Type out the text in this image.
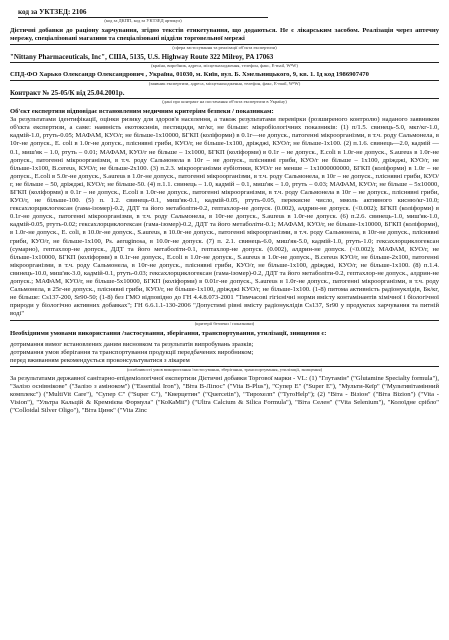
код за УКТЗЕД: 2106
(код за ДКПП, код за УКТЗЕД артикул)
Дієтичні добавки до раціону харчування, згідно текстів етикетування, що додаються. Не є лікарським засобом. Реалізація через аптечну мережу, спеціалізовані магазини та спеціалізовані відділи торговельної мережі
(сфера застосування та реалізації об'єкта експертизи)
"Nittany Pharmaceuticals, Inc", США, 5135, U.S. Highway Route 322 Milroy, PA 17063
(країна, виробник, адреса, місцезнаходження, телефон, факс, E-mail, W³W)
СПД-ФО Харько Олександр Олександрович , Україна, 01030, м. Київ, вул. Б. Хмельницького, 9, кв. 1. Ід код 1986907470
(заявник експертизи, адреса, місцезнаходження, телефон, факс, E-mail, W³W)
Контракт № 25-05/К від 25.04.2001р.
(дані про контракт на постачання об'єкта експертизи в Україну)
Об'єкт експертизи відповідає встановленим медичним критеріям безпеки / показникам:
За результатами ідентифікації, оцінки ризику для здоров'я населення, а також результатами перевірки (розширеного контролю) наданого заявником об'єкта експертизи, а саме: наявність екотоксинів, пестициди, мг/кг, не більше: мікробіологічних показників: (1) п/1.5. свинець-5.0, мкг/кг-1.0, кадмій-1.0, ртуть-0.05; МАФАМ, КУО/г, не більше-1х10000, БГКП (коліформи) в 0.1г—не допуск., патогенні мікроорганізми, в т.ч. роду Сальмонела, в 10г-не допуск., E. coli в 1.0г-не допуск., пліснявні гриби, КУО/г, не більше-1х100, дріжджі, КУО/г, не більше-1х100. (2) п.1.6. свинець—2.0, кадмій —0.1, миш'як – 1.0, ртуть – 0.01; МАФАМ, КУО/г не більше – 1х1000, БГКП (коліформи) в 0.1г – не допуск., E.coli в 1.0г-не допуск., S.aureus в 1.0г-не допуск., патогенні мікроорганізми, в т.ч. роду Сальмонела в 10г – не допуск., пліснявні гриби, КУО/г не більше – 1х100, дріжджі, КУО/г, не більше-1х100, B.cereus, КУО/г, не більше-2х100. (3) п.2.3. мікроорганізми еубіотики, КУО/г не менше – 1х1000000000, БГКП (коліформи) в 1.0г – не допуск., E.coli в 5.0г-не допуск., S.aureus в 1.0г-не допуск., патогенні мікроорганізми, в т.ч. роду Сальмонела, в 10г – не допуск., пліснявні гриби, КУО/г, не більше – 50, дріжджі, КУО/г, не більше-50. (4) п.1.1. свинець – 1.0, кадмій – 0.1, миш'як – 1.0, ртуть – 0.03; МАФАМ, КУО/г, не більше – 5х10000, БГКП (коліформи) в 0.1г – не допуск., E.coli в 1.0г-не допуск., патогенні мікроорганізми, в т.ч. роду Сальмонела в 10г – не допуск., пліснявні гриби, КУО/г, не більше-100. (5) п. 1.2. свинець-0.1, миш'як-0.1, кадмій-0.05, ртуть-0.05, перекисне число, ммоль активного кисню/кг-10.0; гексахлорциклогексан (гама-ізомер)-0.2, ДДТ та його метаболіти-0.2, гептахлор-не допуск. (0.002), алдрин-не допуск. (<0.002); БГКП (коліформи) в 0.1г-не допуск., патогенні мікроорганізми, в т.ч. роду Сальмонела, в 10г-не допуск., S.aureus в 1.0г-не допуск. (6) п.2.6. свинець-1.0, миш'як-1.0, кадмій-0.05, ртуть-0.02; гексахлорциклогексан (гама-ізомер)-0.2, ДДТ та його метаболіти-0.1; МАФАМ, КУО/г, не більше-1х10000, БГКП (коліформи), в 1.0г-не допуск., E. coli, в 10.0г-не допуск., S.aureus, в 10.0г-не допуск., патогенні мікроорганізми, в т.ч. роду Сальмонела, в 10г-не допуск., пліснявні гриби, КУО/г, не більше-1х100, Ps. aeruginosa, в 10.0г-не допуск. (7) п. 2.1. свинець-6.0, миш'як-5.0, кадмій-1.0, ртуть-1.0; гексахлорциклогексан (сумарно), гептахлор-не допуск., ДДТ та його метаболіти-0.1, гептахлор-не допуск. (0.002), алдрин-не допуск. (<0.002); МАФАМ, КУО/г, не більше-1х10000, БГКП (коліформи) в 0.1г-не допуск., E.coli в 1.0г-не допуск., S.aureus в 1.0г-не допуск., B.cereus КУО/г, не більше-2х100, патогенні мікроорганізми, в т.ч. роду Сальмонела, в 10г-не допуск., пліснявні гриби, КУО/г, не більше-1х100, дріжджі, КУО/г, не більше-1х100. (8) п.1.4. свинець-10.0, миш'як-3.0, кадмій-0.1, ртуть-0.03; гексахлорциклогексан (гама-ізомер)-0.2, ДДТ та його метаболіти-0.2, гептахлор-не допуск., алдрин-не допуск.; МАФАМ, КУО/г, не більше-5х10000, БГКП (коліформи) в 0.01г-не допуск., S.aureus в 1.0г-не допуск., патогенні мікроорганізми, в т.ч. роду Сальмонела, в 25г-не допуск., пліснявні гриби, КУО/г, не більше-1х100, дріжджі КУО/г, не більше-1х100. (1-8) питома активність радіонуклідів, Бк/кг, не більше: Cs137-200, Sr90-50; (1-8) без ГМО відповідно до ГН 4.4.8.073-2001 "Тимчасові гігієнічні норми вмісту контамінантів хімічної і біологічної природи у біологічно активних добавках"; ГН 6.6.1.1-130-2006 "Допустимі рівні вмісту радіонуклідів Cs137, Sr90 у продуктах харчування та питній воді"
(критерії безпеки / показники)
Необхідними умовами використання /застосування, зберігання, транспортування, утилізації, знищення є:
дотримання вимог встановлених даним висновком та результатів випробувань зразків;
дотримання умов зберігання та транспортування продукції передбачених виробником;
перед вживанням рекомендується проконсультуватися з лікарем
(особливості умов використання /застосування, зберігання, транспортування, утилізації, знищення)
За результатами державної санітарно-епідеміологічної експертизи Дієтичні добавки Торгової марки - VL: (1) "Глутамін" ("Glutamine Specialty formula"), "Залізо оснівнікове" ("Залізо з аміноком") ("Essential Iron"), "Віта В-Ліпос" ("Vita B-Plus"), "Супер Е" ("Super E"), "Мульти-Кеїр" ("Мультивітамінний комплекс") ("MultiVit Care"), "Супер С" ("Super C"), "Кверцетин" ("Quercetin"), "Тирохелп" ("TyroHelp"); (2) "Віта - Візіон" ("Віта Bizion") ("Vita - Vision"), "Ультра Кальцій & Кремнієва Формула" ("КоКаМії") ("Ultra Calcium & Silica Formula"), "Віта Селен" ("Vita Selenium"), "Колоїдне срібло" ("Colloidal Silver Oligo"), "Віта Цинк" ("Vita Zinc
